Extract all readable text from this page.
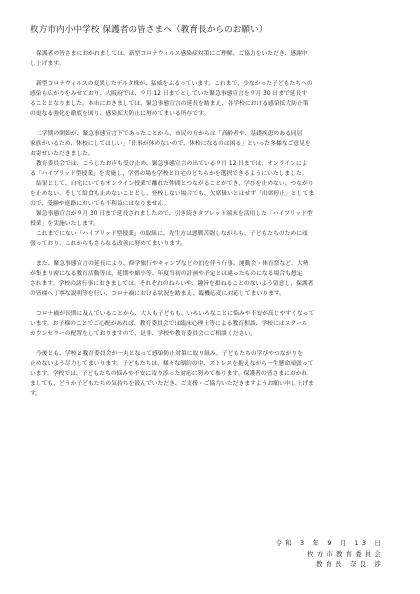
枚方市内小中学校 保護者の皆さまへ（教育長からのお願い）

保護者の皆さまにおかれましては、新型コロナウィルス感染症対策にご理解、ご協力をいただき、感謝申
し上げます。

新型コロナウィルスの変異したデルタ株が、猛威をふるっています。これまで、少なかった子どもたちへの
感染も広がりをみせており、大阪府では、９月 12 日までとしていた緊急事態宣言を９月 30 日まで延長す
ることとなりました。本市におきましては、緊急事態宣言の延長を踏まえ、各学校における感染拡大防止策
の更なる強化を徹底を図り、感染拡大防止に努めてまいる所存です。

二学期の開始が、緊急事態宣言下であったことから、市民の方からは「高齢者や、基礎疾患のある同居
家族がいるため、休校にしてほしい」「仕事が休めないので、休校になるのは困る」といった多様なご意見を
お寄せいただきました。

教育委員会では、こうしたお声も受け止め、緊急事態宣言の出ている９月 12 日までは、オンラインによ
る「ハイブリッド型授業」を実施し、学習の場を学校と自宅のどちらかを選択できるようにいたしました。

結果として、自宅にいてもオンライン授業で離れた仲間とつながることができ、学びを止めない、つながり
を止めない、そして給食も止めないこととし、登校しない場合でも、欠席扱いとはせず「出席停止」としてま
ので、受験や進路においても不利益にはなりません。

緊急事態宣言が９月 30 日まで延長されましたので、引き続きタブレット端末を活用した「ハイブリッド型
授業」を実施いたします。

これまでにない「ハイブリッド型授業」の取組に、先生方は悪戦苦闘しながらも、子どもたちのために頑
張っており、これからもさらなる改善に努めてまいります。

また、緊急事態宣言の延長により、修学旅行やキャンプなどの泊を伴う行事、運動会・体育祭など、大勢
が集まり密になる教育活動等は、延期や縮小等、年度当初の計画や予定とは違ったものになる場合も想定
されます。学校の諸行事におきましては、それぞれのねらいや、趣旨を損ねることのないよう留意し、保護者
の皆様へ丁寧な説明等を行い、コロナ禍における状況を踏まえ、臨機応変に対応してまいります。

コロナ禍が長期に及んでいることから、大人も子どもも、いろいろなことに悩みや不安が高じやすくなって
います。お子様のことでご心配があれば、教育委員会では臨床心理士等による教育相談、学校にはスクール
カウンセラーの配置をしておりますので、是非、学校や教育委員会にご相談ください。

今後とも、学校と教育委員会が一丸となって感染防止対策に取り組み、子どもたちの学びやつながりを
止めないよう尽力してまいります。子どもたちは、様々な制約の中、ストレスを抱えながら一生懸命頑張って
います。学校では、子どもたちの悩みや不安に寄り添った対応に努めて参ります。保護者の皆さまにおかれ
ましても、どうか子どもたちの気持ちを汲んでいただき、ご支援・ご協力いただきますようお願い申し上げま
す。

令和 3 年 9 月 13 日
枚方市教育委員会
教育長 奈良 渉
